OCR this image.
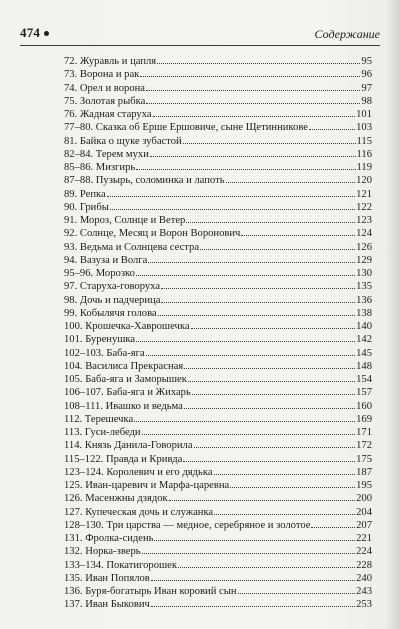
474	Содержание
72. Журавль и цапля	95
73. Ворона и рак	96
74. Орел и ворона	97
75. Золотая рыбка	98
76. Жадная старуха	101
77–80. Сказка об Ерше Ершовиче, сыне Щетинникове	103
81. Байка о щуке зубастой	115
82–84. Терем мухи	116
85–86. Мизгирь	119
87–88. Пузырь, соломинка и лапоть	120
89. Репка	121
90. Грибы	122
91. Мороз, Солнце и Ветер	123
92. Солнце, Месяц и Ворон Воронович	124
93. Ведьма и Солнцева сестра	126
94. Вазуза и Волга	129
95–96. Морозко	130
97. Старуха-говоруха	135
98. Дочь и падчерица	136
99. Кобылячя голова	138
100. Крошечка-Хаврошечка	140
101. Буренушка	142
102–103. Баба-яга	145
104. Василиса Прекрасная	148
105. Баба-яга и Заморышек	154
106–107. Баба-яга и Жихарь	157
108–111. Ивашко и ведьма	160
112. Терешечка	169
113. Гуси-лебеди	171
114. Князь Данила-Говорила	172
115–122. Правда и Кривда	175
123–124. Королевич и его дядька	187
125. Иван-царевич и Марфа-царевна	195
126. Масенжны дзядок	200
127. Купеческая дочь и служанка	204
128–130. Три царства — медное, серебряное и золотое	207
131. Фролка-сидень	221
132. Норка-зверь	224
133–134. Покатигорошек	228
135. Иван Попялов	240
136. Буря-богатырь Иван коровий сын	243
137. Иван Быкович	253
